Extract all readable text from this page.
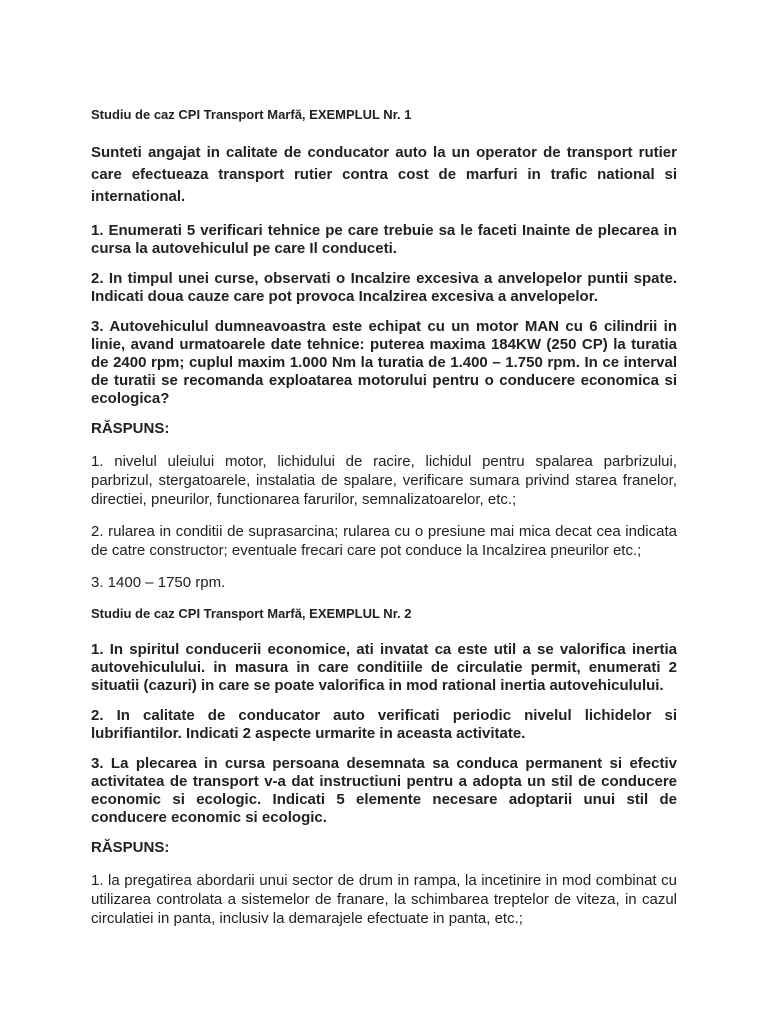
Studiu de caz CPI Transport Marfă, EXEMPLUL Nr. 1

Sunteti angajat in calitate de conducator auto la un operator de transport rutier care efectueaza transport rutier contra cost de marfuri in trafic national si international.

1. Enumerati 5 verificari tehnice pe care trebuie sa le faceti Inainte de plecarea in cursa la autovehiculul pe care Il conduceti.

2. In timpul unei curse, observati o Incalzire excesiva a anvelopelor puntii spate. Indicati doua cauze care pot provoca Incalzirea excesiva a anvelopelor.

3. Autovehiculul dumneavoastra este echipat cu un motor MAN cu 6 cilindrii in linie, avand urmatoarele date tehnice: puterea maxima 184KW (250 CP) la turatia de 2400 rpm; cuplul maxim 1.000 Nm la turatia de 1.400 – 1.750 rpm. In ce interval de turatii se recomanda exploatarea motorului pentru o conducere economica si ecologica?

RĂSPUNS:

1. nivelul uleiului motor, lichidului de racire, lichidul pentru spalarea parbrizului, parbrizul, stergatoarele, instalatia de spalare, verificare sumara privind starea franelor, directiei, pneurilor, functionarea farurilor, semnalizatoarelor, etc.;

2. rularea in conditii de suprasarcina; rularea cu o presiune mai mica decat cea indicata de catre constructor; eventuale frecari care pot conduce la Incalzirea pneurilor etc.;

3. 1400 – 1750 rpm.

Studiu de caz CPI Transport Marfă, EXEMPLUL Nr. 2

1. In spiritul conducerii economice, ati invatat ca este util a se valorifica inertia autovehiculului. in masura in care conditiile de circulatie permit, enumerati 2 situatii (cazuri) in care se poate valorifica in mod rational inertia autovehiculului.

2. In calitate de conducator auto verificati periodic nivelul lichidelor si lubrifiantilor. Indicati 2 aspecte urmarite in aceasta activitate.

3. La plecarea in cursa persoana desemnata sa conduca permanent si efectiv activitatea de transport v-a dat instructiuni pentru a adopta un stil de conducere economic si ecologic. Indicati 5 elemente necesare adoptarii unui stil de conducere economic si ecologic.

RĂSPUNS:

1. la pregatirea abordarii unui sector de drum in rampa, la incetinire in mod combinat cu utilizarea controlata a sistemelor de franare, la schimbarea treptelor de viteza, in cazul circulatiei in panta, inclusiv la demarajele efectuate in panta, etc.;
